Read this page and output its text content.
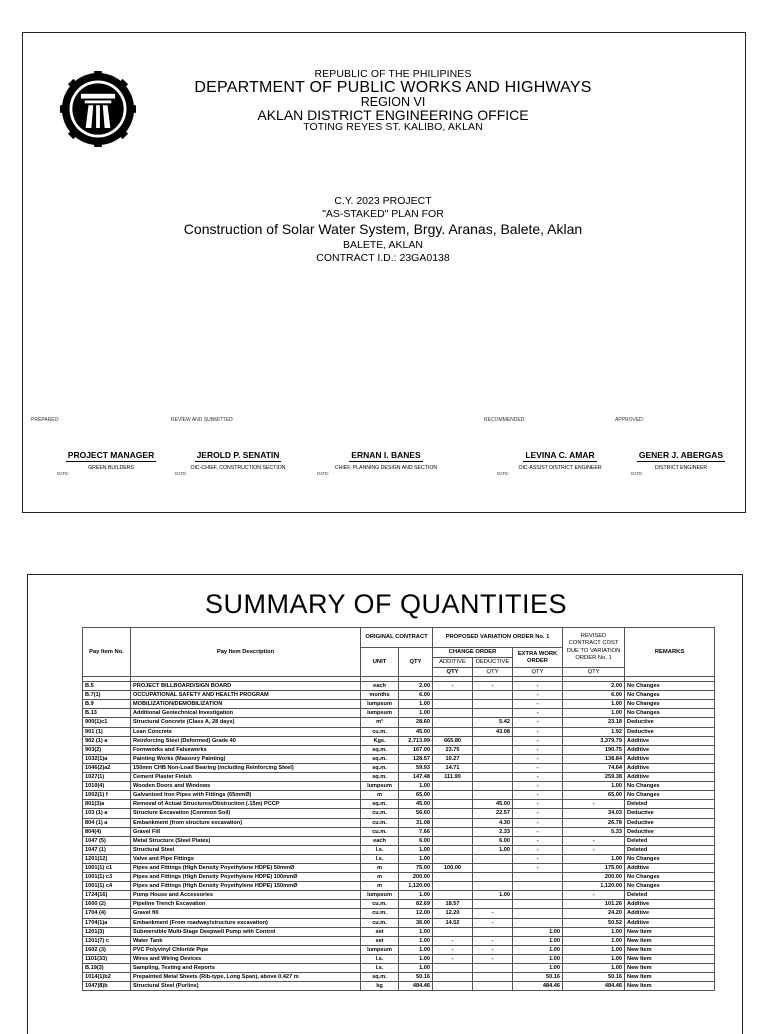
REPUBLIC OF THE PHILIPINES
DEPARTMENT OF PUBLIC WORKS AND HIGHWAYS
REGION VI
AKLAN DISTRICT ENGINEERING OFFICE
TOTING REYES ST. KALIBO, AKLAN
C.Y. 2023 PROJECT
"AS-STAKED" PLAN FOR
Construction of Solar Water System, Brgy. Aranas, Balete, Aklan
BALETE, AKLAN
CONTRACT I.D.: 23GA0138
PREPARED:	REVIEW AND SUBMITTED:	RECOMMENDED:	APPROVED:
PROJECT MANAGER
GREEN BUILDERS
DATE:
JEROLD P. SENATIN
OIC-CHIEF, CONSTRUCTION SECTION
DATE:
ERNAN I. BANES
CHIEF, PLANNING DESIGN AND SECTION
DATE:
LEVINA C. AMAR
OIC-ASSIST DISTRICT ENGINEER
DATE:
GENER J. ABERGAS
DISTRICT ENGINEER
DATE:
SUMMARY OF QUANTITIES
Pay Item No.	Pay Item Description	ORIGINAL CONTRACT		PROPOSED VARIATION ORDER No. 1			REVISED CONTRACT COST DUE TO VARIATION ORDER No. 1	REMARKS
		UNIT	QTY	CHANGE ORDER		EXTRA WORK ORDER		
				ADDITIVE	DEDUCTIVE			
				QTY	QTY	QTY	QTY	

B.5	PROJECT BILLBOARD/SIGN BOARD	each	2.00	-	-	-	2.00	No Changes
B.7(1)	OCCUPATIONAL SAFETY AND HEALTH PROGRAM	months	6.00			-	6.00	No Changes
B.9	MOBILIZATION/DEMOBILIZATION	lumpsum	1.00			-	1.00	No Changes
B.13	Additional Geotechnical Investigation	lumpsum	1.00			-	1.00	No Changes
900(1)c1	Structural Concrete (Class A, 28 days)	m³	28.60		5.42	-	23.18	Deductive
901 (1)	Lean Concrete	cu.m.	45.00		43.08	-	1.92	Deductive
902 (1) a	Reinforcing Steel (Deformed) Grade 40	Kgs.	2,713.99	665.80		-	3,379.79	Additive
903(2)	Formworks and Falseworks	sq.m.	167.00	23.75		-	190.75	Additive
1032(1)a	Painting Works (Masonry Painting)	sq.m.	128.57	10.27		-	138.84	Additive
1046(2)a2	150mm CHB Non-Load Bearing (including Reinforcing Steel)	sq.m.	59.93	14.71		-	74.64	Additive
1027(1)	Cement Plaster Finish	sq.m.	147.48	111.90		-	259.38	Additive
1010(4)	Wooden Doors and Windows	lumpsum	1.00			-	1.00	No Changes
1002(1) f	Galvanized Iron Pipes with Fittings (65mmØ)	m	65.00			-	65.00	No Changes
801(3)a	Removal of Actual Structures/Obstruction (.15m) PCCP	sq.m.	45.00		45.00	-	-	Deleted
103 (1) a	Structure Excavation (Common Soil)	cu.m.	56.60		22.57	-	34.03	Deductive
804 (1) a	Embankment (from structure excavation)	cu.m.	31.08		4.30	-	26.78	Deductive
804(4)	Gravel Fill	cu.m.	7.66		2.33	-	5.33	Deductive
1047 (5)	Metal Structure (Steel Plates)	each	6.00		6.00	-	-	Deleted
1047 (1)	Structural Steel	l.s.	1.00		1.00	-	-	Deleted
1201(12)	Valve and Pipe Fittings	l.s.	1.00			-	1.00	No Changes
1001(1) c1	Pipes and Fittings (High Density Poyethylene HDPE) 50mmØ	m	75.00	100.00		-	175.00	Additive
1001(1) c3	Pipes and Fittings (High Density Poyethylene HDPE) 100mmØ	m	200.00				200.00	No Changes
1001(1) c4	Pipes and Fittings (High Density Poyethylene HDPE) 150mmØ	m	1,120.00				1,120.00	No Changes
1724(16)	Pump House and Accessories	lumpsum	1.00		1.00		-	Deleted
1600 (2)	Pipeline Trench Excavation	cu.m.	82.69	18.57			101.26	Additive
1704 (4)	Gravel fill	cu.m.	12.00	12.20	-		24.20	Additive
1704(1)a	Embankment (From roadway/structure excavation)	cu.m.	36.00	14.52	-		50.52	Additive
1201(3)	Submersible Multi-Stage Deepwell Pump with Control	set	1.00			1.00	1.00	New Item
1201(7) c	Water Tank	set	1.00	-	-	1.00	1.00	New Item
1602 (3)	PVC Polyvinyl Chloride Pipe	lumpsum	1.00	-	-	1.00	1.00	New Item
1101(33)	Wires and Wiring Devices	l.s.	1.00	-	-	1.00	1.00	New Item
B.19(3)	Sampling, Testing and Reports	l.s.	1.00			1.00	1.00	New Item
1014(1)b2	Prepainted Metal Sheets (Rib-type, Long Span), above 0.427 m	sq.m.	50.16			50.16	50.16	New Item
1047(8)b	Structural Steel (Purlins)	kg	484.46			484.46	484.46	New Item
